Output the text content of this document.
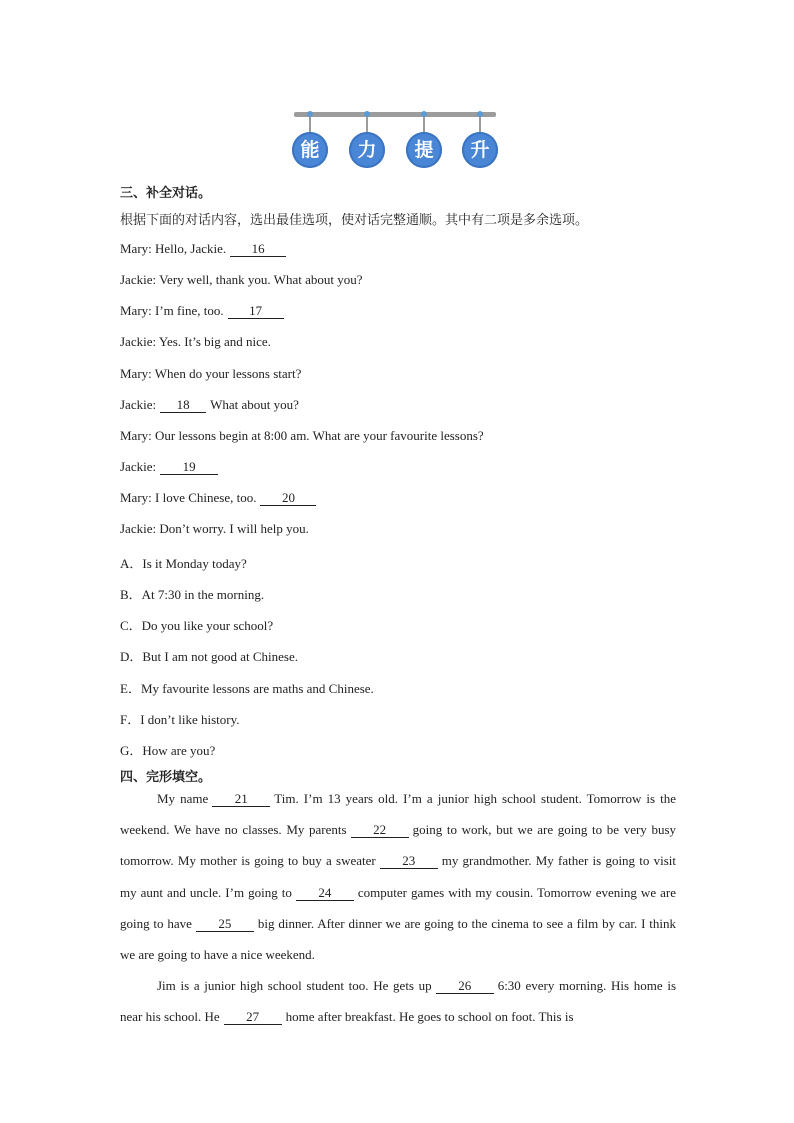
能	力	提	升
三、补全对话。
根据下面的对话内容，选出最佳选项，使对话完整通顺。其中有二项是多余选项。
Mary: Hello, Jackie. 16
Jackie: Very well, thank you. What about you?
Mary: I’m fine, too. 17
Jackie: Yes. It’s big and nice.
Mary: When do your lessons start?
Jackie: 18 What about you?
Mary: Our lessons begin at 8:00 am. What are your favourite lessons?
Jackie: 19
Mary: I love Chinese, too. 20
Jackie: Don’t worry. I will help you.
A．Is it Monday today?
B．At 7:30 in the morning.
C．Do you like your school?
D．But I am not good at Chinese.
E．My favourite lessons are maths and Chinese.
F．I don’t like history.
G．How are you?
四、完形填空。
My name 21 Tim. I’m 13 years old. I’m a junior high school student. Tomorrow is the weekend. We have no classes. My parents 22 going to work, but we are going to be very busy tomorrow. My mother is going to buy a sweater 23 my grandmother. My father is going to visit my aunt and uncle. I’m going to 24 computer games with my cousin. Tomorrow evening we are going to have 25 big dinner. After dinner we are going to the cinema to see a film by car. I think we are going to have a nice weekend.
Jim is a junior high school student too. He gets up 26 6:30 every morning. His home is near his school. He 27 home after breakfast. He goes to school on foot. This is
